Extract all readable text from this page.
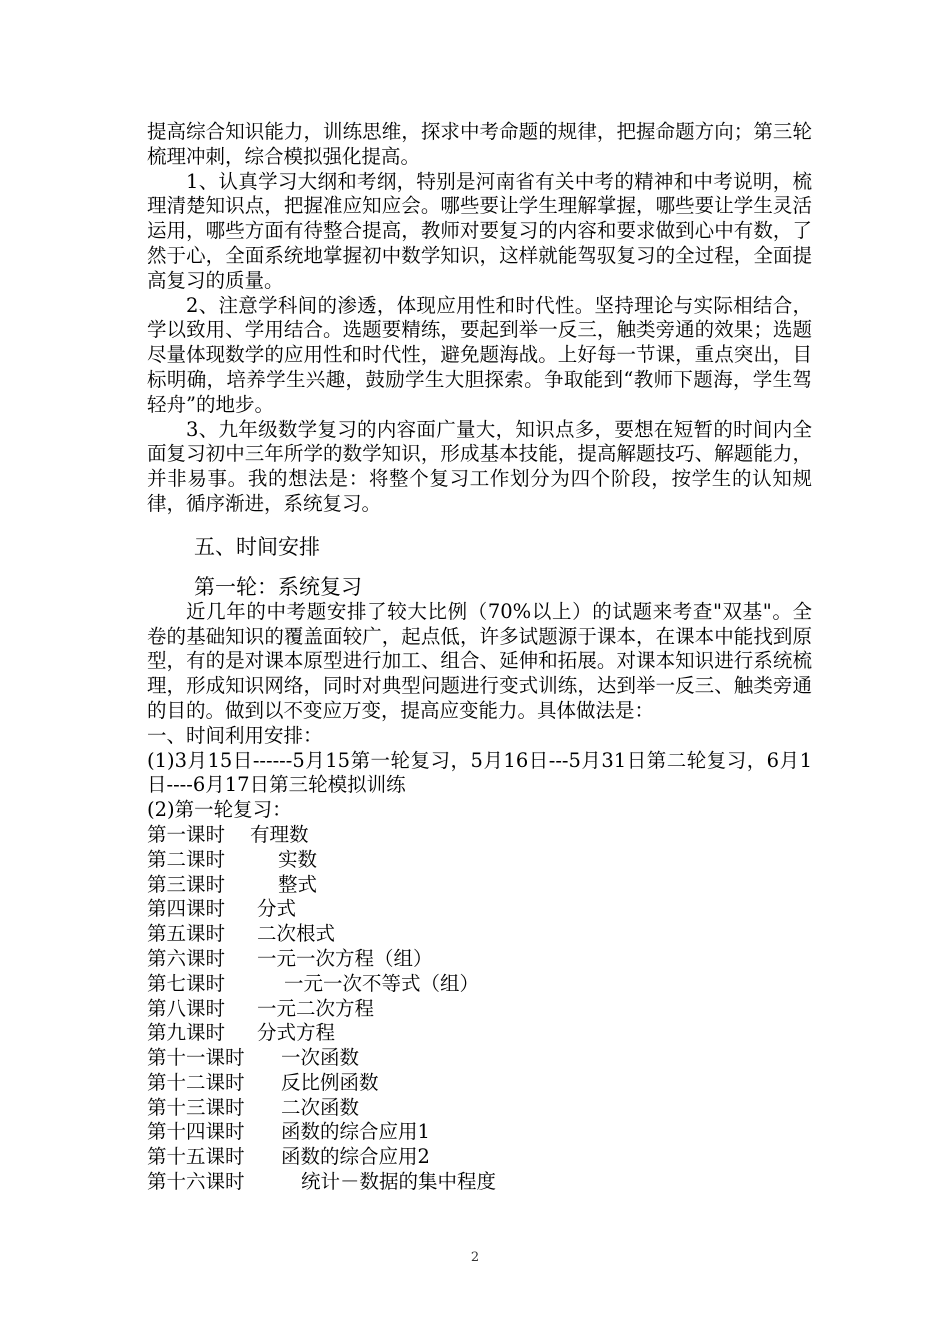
提高综合知识能力，训练思维，探求中考命题的规律，把握命题方向；第三轮梳理冲刺，综合模拟强化提高。

1、认真学习大纲和考纲，特别是河南省有关中考的精神和中考说明，梳理清楚知识点，把握准应知应会。哪些要让学生理解掌握，哪些要让学生灵活运用，哪些方面有待整合提高，教师对要复习的内容和要求做到心中有数，了然于心，全面系统地掌握初中数学知识，这样就能驾驭复习的全过程，全面提高复习的质量。

2、注意学科间的渗透，体现应用性和时代性。坚持理论与实际相结合，学以致用、学用结合。选题要精练，要起到举一反三，触类旁通的效果；选题尽量体现数学的应用性和时代性，避免题海战。上好每一节课，重点突出，目标明确，培养学生兴趣，鼓励学生大胆探索。争取能到“教师下题海，学生驾轻舟”的地步。

3、九年级数学复习的内容面广量大，知识点多，要想在短暂的时间内全面复习初中三年所学的数学知识，形成基本技能，提高解题技巧、解题能力，并非易事。我的想法是：将整个复习工作划分为四个阶段，按学生的认知规律，循序渐进，系统复习。

五、时间安排

第一轮：系统复习

近几年的中考题安排了较大比例（70%以上）的试题来考查"双基"。全卷的基础知识的覆盖面较广，起点低，许多试题源于课本，在课本中能找到原型，有的是对课本原型进行加工、组合、延伸和拓展。对课本知识进行系统梳理，形成知识网络，同时对典型问题进行变式训练，达到举一反三、触类旁通的目的。做到以不变应万变，提高应变能力。具体做法是：

一、时间利用安排：

(1)3月15日------5月15第一轮复习，5月16日---5月31日第二轮复习，6月1日----6月17日第三轮模拟训练

(2)第一轮复习：

第一课时	有理数

第二课时	实数

第三课时	整式

第四课时	分式

第五课时	二次根式

第六课时	一元一次方程（组）

第七课时	一元一次不等式（组）

第八课时	一元二次方程

第九课时	分式方程

第十一课时	一次函数

第十二课时	反比例函数

第十三课时	二次函数

第十四课时	函数的综合应用1

第十五课时	函数的综合应用2

第十六课时	统计－数据的集中程度

2
